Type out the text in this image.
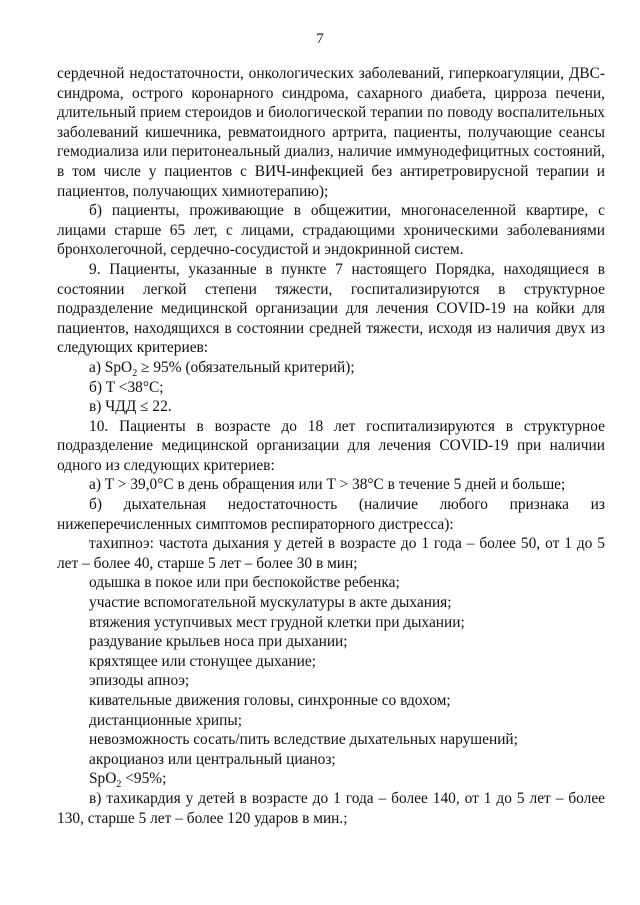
7

сердечной недостаточности, онкологических заболеваний, гиперкоагуляции, ДВС-синдрома, острого коронарного синдрома, сахарного диабета, цирроза печени, длительный прием стероидов и биологической терапии по поводу воспалительных заболеваний кишечника, ревматоидного артрита, пациенты, получающие сеансы гемодиализа или перитонеальный диализ, наличие иммунодефицитных состояний, в том числе у пациентов с ВИЧ-инфекцией без антиретровирусной терапии и пациентов, получающих химиотерапию);

б) пациенты, проживающие в общежитии, многонаселенной квартире, с лицами старше 65 лет, с лицами, страдающими хроническими заболеваниями бронхолегочной, сердечно-сосудистой и эндокринной систем.

9. Пациенты, указанные в пункте 7 настоящего Порядка, находящиеся в состоянии легкой степени тяжести, госпитализируются в структурное подразделение медицинской организации для лечения COVID-19 на койки для пациентов, находящихся в состоянии средней тяжести, исходя из наличия двух из следующих критериев:

а) SpO$_2$ ≥ 95% (обязательный критерий);

б) T <38°C;

в) ЧДД ≤ 22.

10. Пациенты в возрасте до 18 лет госпитализируются в структурное подразделение медицинской организации для лечения COVID-19 при наличии одного из следующих критериев:

а) T > 39,0°C в день обращения или T > 38°C в течение 5 дней и больше;

б) дыхательная недостаточность (наличие любого признака из нижеперечисленных симптомов респираторного дистресса):

тахипноэ: частота дыхания у детей в возрасте до 1 года – более 50, от 1 до 5 лет – более 40, старше 5 лет – более 30 в мин;

одышка в покое или при беспокойстве ребенка;

участие вспомогательной мускулатуры в акте дыхания;

втяжения уступчивых мест грудной клетки при дыхании;

раздувание крыльев носа при дыхании;

кряхтящее или стонущее дыхание;

эпизоды апноэ;

кивательные движения головы, синхронные со вдохом;

дистанционные хрипы;

невозможность сосать/пить вследствие дыхательных нарушений;

акроцианоз или центральный цианоз;

SpO$_2$ <95%;

в) тахикардия у детей в возрасте до 1 года – более 140, от 1 до 5 лет – более 130, старше 5 лет – более 120 ударов в мин.;
